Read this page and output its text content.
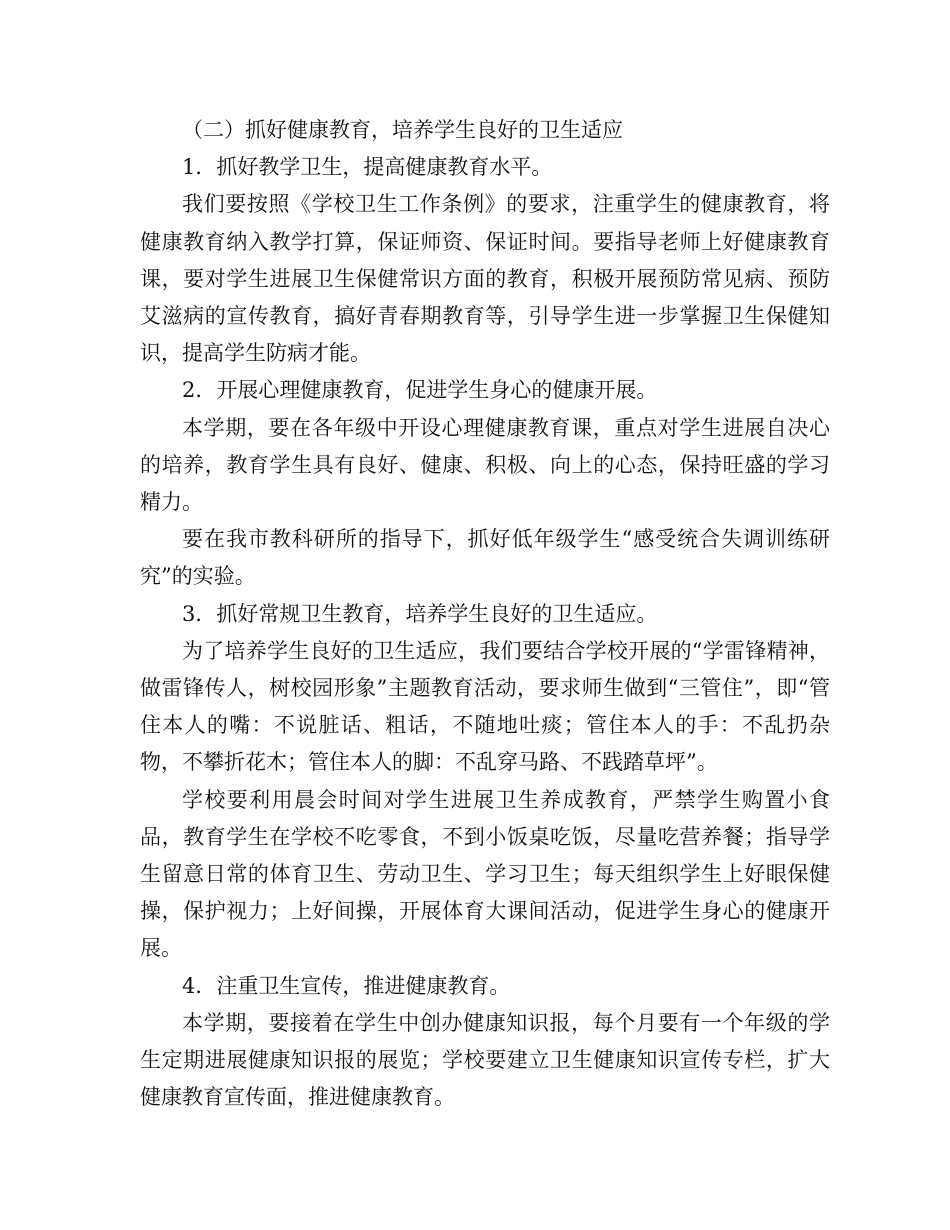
（二）抓好健康教育，培养学生良好的卫生适应

1．抓好教学卫生，提高健康教育水平。

我们要按照《学校卫生工作条例》的要求，注重学生的健康教育，将健康教育纳入教学打算，保证师资、保证时间。要指导老师上好健康教育课，要对学生进展卫生保健常识方面的教育，积极开展预防常见病、预防艾滋病的宣传教育，搞好青春期教育等，引导学生进一步掌握卫生保健知识，提高学生防病才能。

2．开展心理健康教育，促进学生身心的健康开展。

本学期，要在各年级中开设心理健康教育课，重点对学生进展自决心的培养，教育学生具有良好、健康、积极、向上的心态，保持旺盛的学习精力。

要在我市教科研所的指导下，抓好低年级学生“感受统合失调训练研究”的实验。

3．抓好常规卫生教育，培养学生良好的卫生适应。

为了培养学生良好的卫生适应，我们要结合学校开展的“学雷锋精神，做雷锋传人，树校园形象”主题教育活动，要求师生做到“三管住”，即“管住本人的嘴：不说脏话、粗话，不随地吐痰；管住本人的手：不乱扔杂物，不攀折花木；管住本人的脚：不乱穿马路、不践踏草坪”。

学校要利用晨会时间对学生进展卫生养成教育，严禁学生购置小食品，教育学生在学校不吃零食，不到小饭桌吃饭，尽量吃营养餐；指导学生留意日常的体育卫生、劳动卫生、学习卫生；每天组织学生上好眼保健操，保护视力；上好间操，开展体育大课间活动，促进学生身心的健康开展。

4．注重卫生宣传，推进健康教育。

本学期，要接着在学生中创办健康知识报，每个月要有一个年级的学生定期进展健康知识报的展览；学校要建立卫生健康知识宣传专栏，扩大健康教育宣传面，推进健康教育。
